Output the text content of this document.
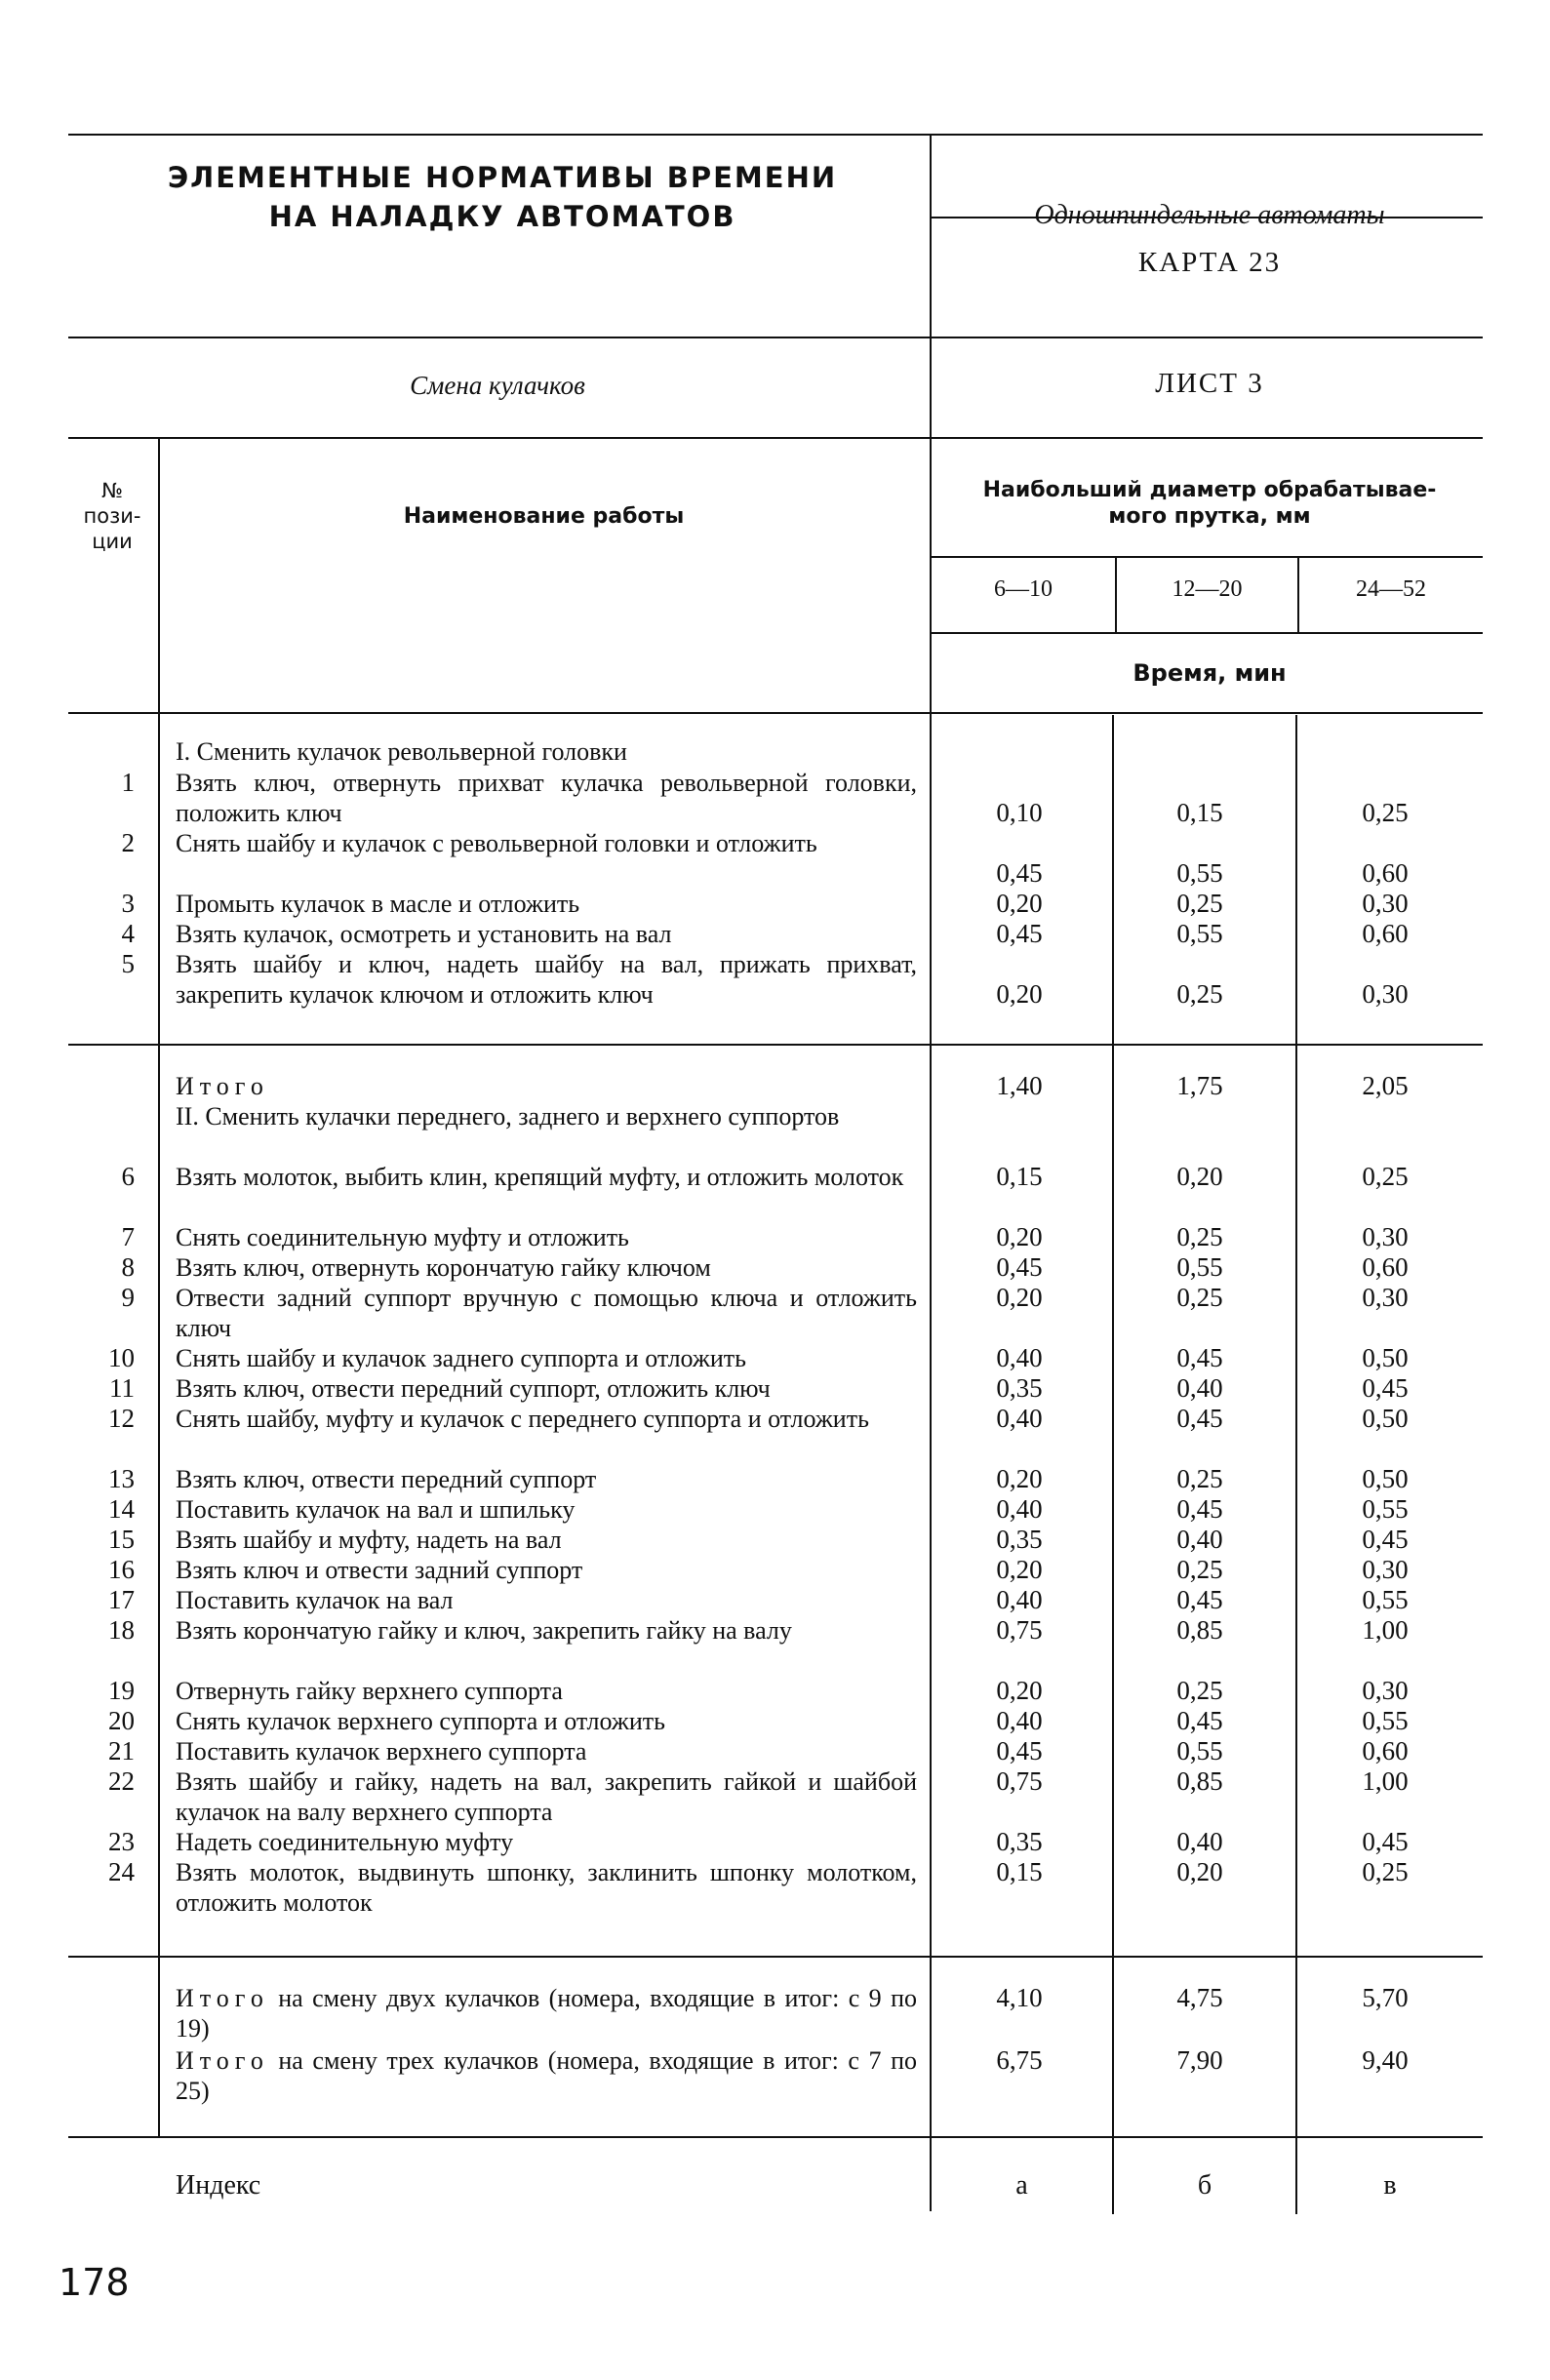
ЭЛЕМЕНТНЫЕ НОРМАТИВЫ ВРЕМЕНИ
НА НАЛАДКУ АВТОМАТОВ	Одношпиндельные автоматы
КАРТА 23
Смена кулачков	ЛИСТ 3
№
пози-
ции
Наименование работы
Наибольший диаметр обрабатывае-
мого прутка, мм
6—10	12—20	24—52
Время, мин
I. Сменить кулачок револьверной головки
1 Взять ключ, отвернуть прихват кулачка револьверной головки, положить ключ	0,10	0,15	0,25
2 Снять шайбу и кулачок с револьверной головки и отложить
0,45	0,55	0,60
3 Промыть кулачок в масле и отложить	0,20	0,25	0,30
4 Взять кулачок, осмотреть и установить на вал	0,45	0,55	0,60
5 Взять шайбу и ключ, надеть шайбу на вал, прижать прихват, закрепить кулачок ключом и отложить ключ	0,20	0,25	0,30
Итого	1,40	1,75	2,05
II. Сменить кулачки переднего, заднего и верхнего суппортов
6 Взять молоток, выбить клин, крепящий муфту, и отложить молоток	0,15	0,20	0,25
7 Снять соединительную муфту и отложить	0,20	0,25	0,30
8 Взять ключ, отвернуть корончатую гайку ключом	0,45	0,55	0,60
9 Отвести задний суппорт вручную с помощью ключа и отложить ключ
0,20	0,25	0,30
10 Снять шайбу и кулачок заднего суппорта и отложить	0,40	0,45	0,50
11 Взять ключ, отвести передний суппорт, отложить ключ	0,35	0,40	0,45
12 Снять шайбу, муфту и кулачок с переднего суппорта и отложить	0,40	0,45	0,50
13 Взять ключ, отвести передний суппорт	0,20	0,25	0,50
14 Поставить кулачок на вал и шпильку	0,40	0,45	0,55
15 Взять шайбу и муфту, надеть на вал	0,35	0,40	0,45
16 Взять ключ и отвести задний суппорт	0,20	0,25	0,30
17 Поставить кулачок на вал	0,40	0,45	0,55
18 Взять корончатую гайку и ключ, закрепить гайку на валу	0,75	0,85	1,00
19 Отвернуть гайку верхнего суппорта	0,20	0,25	0,30
20 Снять кулачок верхнего суппорта и отложить	0,40	0,45	0,55
21 Поставить кулачок верхнего суппорта	0,45	0,55	0,60
22 Взять шайбу и гайку, надеть на вал, закрепить гайкой и шайбой кулачок на валу верхнего суппорта
0,75	0,85	1,00
23 Надеть соединительную муфту	0,35	0,40	0,45
24 Взять молоток, выдвинуть шпонку, заклинить шпонку молотком, отложить молоток
0,15	0,20	0,25
Итого на смену двух кулачков (номера, входящие в итог: с 9 по 19)
4,10	4,75	5,70
Итого на смену трех кулачков (номера, входящие в итог: с 7 по 25)
6,75	7,90	9,40
Индекс	а	б	в
178
